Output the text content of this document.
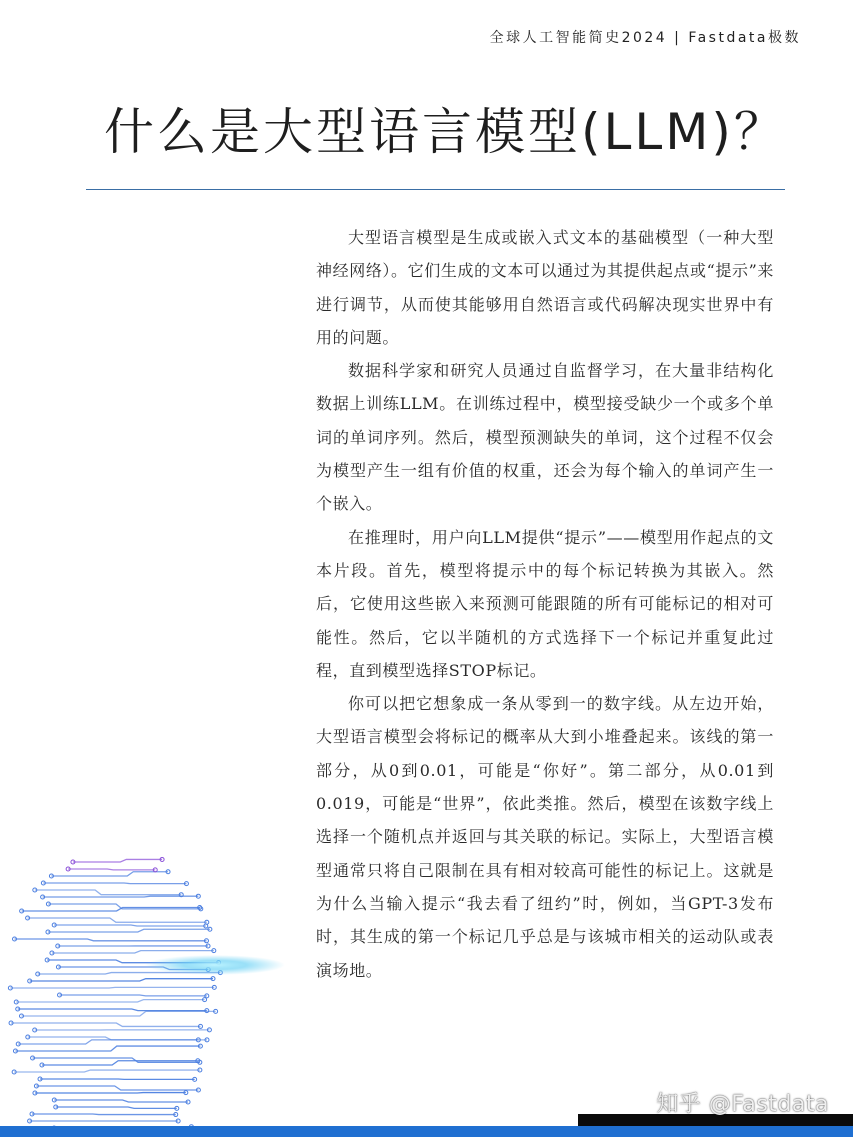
全球人工智能简史2024 | Fastdata极数
什么是大型语言模型(LLM)？

大型语言模型是生成或嵌入式文本的基础模型（一种大型神经网络）。它们生成的文本可以通过为其提供起点或“提示”来进行调节，从而使其能够用自然语言或代码解决现实世界中有用的问题。

数据科学家和研究人员通过自监督学习，在大量非结构化数据上训练LLM。在训练过程中，模型接受缺少一个或多个单词的单词序列。然后，模型预测缺失的单词，这个过程不仅会为模型产生一组有价值的权重，还会为每个输入的单词产生一个嵌入。

在推理时，用户向LLM提供“提示”——模型用作起点的文本片段。首先，模型将提示中的每个标记转换为其嵌入。然后，它使用这些嵌入来预测可能跟随的所有可能标记的相对可能性。然后，它以半随机的方式选择下一个标记并重复此过程，直到模型选择STOP标记。

你可以把它想象成一条从零到一的数字线。从左边开始，大型语言模型会将标记的概率从大到小堆叠起来。该线的第一部分，从0到0.01，可能是“你好”。第二部分，从0.01到0.019，可能是“世界”，依此类推。然后，模型在该数字线上选择一个随机点并返回与其关联的标记。实际上，大型语言模型通常只将自己限制在具有相对较高可能性的标记上。这就是为什么当输入提示“我去看了纽约”时，例如，当GPT-3发布时，其生成的第一个标记几乎总是与该城市相关的运动队或表演场地。

知乎 @Fastdata
